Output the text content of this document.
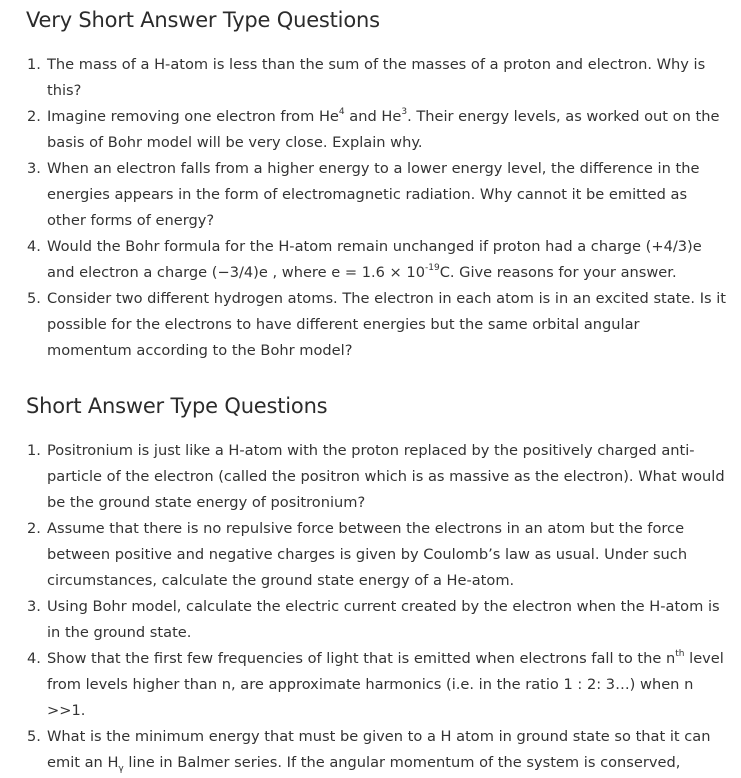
Very Short Answer Type Questions
1. The mass of a H-atom is less than the sum of the masses of a proton and electron. Why is this?
2. Imagine removing one electron from He$^4$ and He$^3$. Their energy levels, as worked out on the basis of Bohr model will be very close. Explain why.
3. When an electron falls from a higher energy to a lower energy level, the difference in the energies appears in the form of electromagnetic radiation. Why cannot it be emitted as other forms of energy?
4. Would the Bohr formula for the H-atom remain unchanged if proton had a charge (+4/3)e and electron a charge (−3/4)e , where $e = 1.6 \times 10^{-19}C$. Give reasons for your answer.
5. Consider two different hydrogen atoms. The electron in each atom is in an excited state. Is it possible for the electrons to have different energies but the same orbital angular momentum according to the Bohr model?
Short Answer Type Questions
1. Positronium is just like a H-atom with the proton replaced by the positively charged anti-particle of the electron (called the positron which is as massive as the electron). What would be the ground state energy of positronium?
2. Assume that there is no repulsive force between the electrons in an atom but the force between positive and negative charges is given by Coulomb’s law as usual. Under such circumstances, calculate the ground state energy of a He-atom.
3. Using Bohr model, calculate the electric current created by the electron when the H-atom is in the ground state.
4. Show that the first few frequencies of light that is emitted when electrons fall to the $n^{th}$ level from levels higher than n, are approximate harmonics (i.e. in the ratio 1 : 2: 3…) when n >>1.
5. What is the minimum energy that must be given to a H atom in ground state so that it can emit an $H_\gamma$ line in Balmer series. If the angular momentum of the system is conserved,
